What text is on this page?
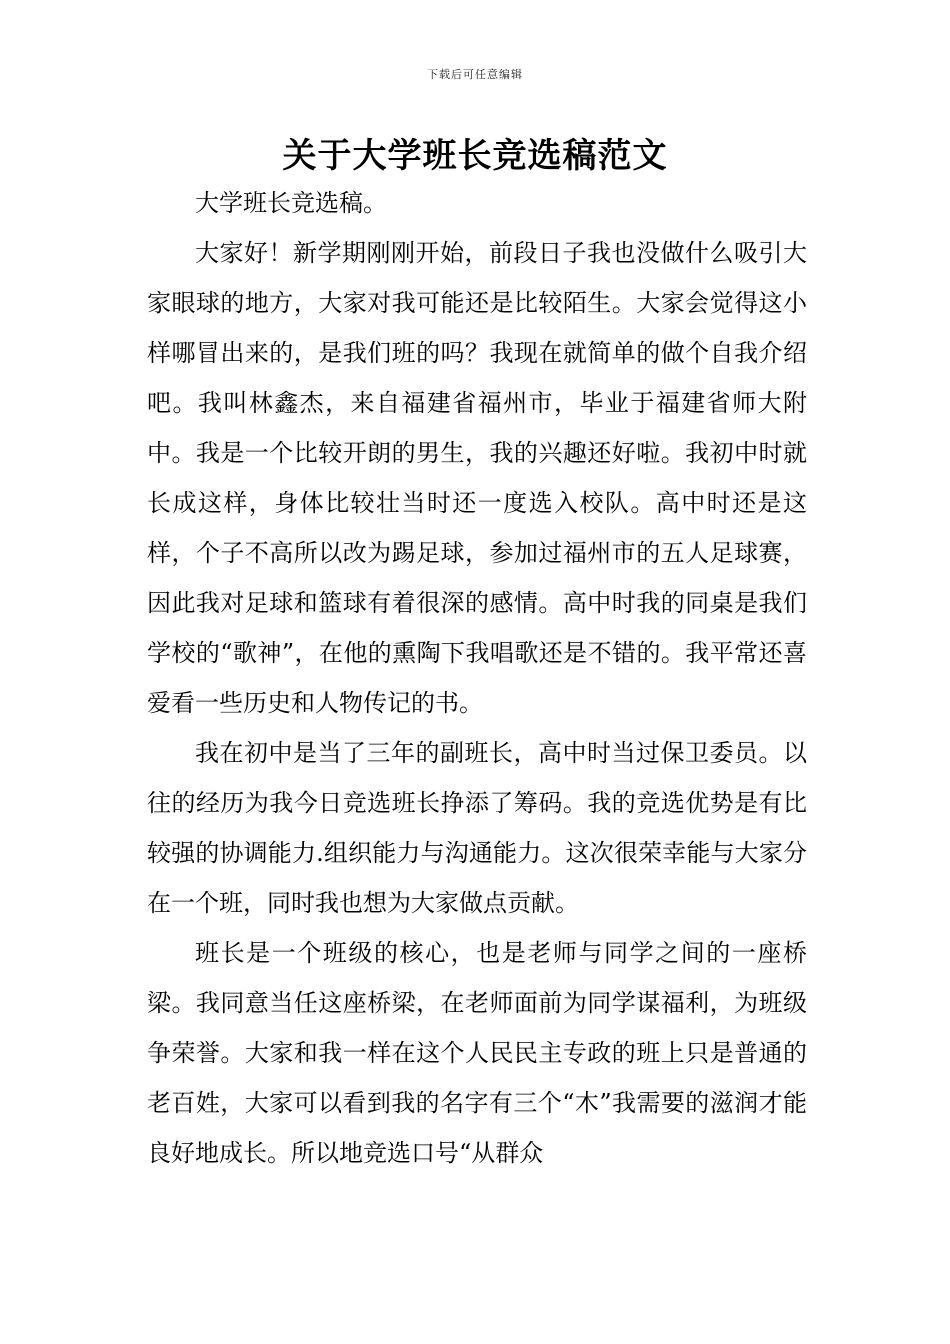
下载后可任意编辑
关于大学班长竞选稿范文

大学班长竞选稿。

大家好！新学期刚刚开始，前段日子我也没做什么吸引大家眼球的地方，大家对我可能还是比较陌生。大家会觉得这小样哪冒出来的，是我们班的吗？我现在就简单的做个自我介绍吧。我叫林鑫杰，来自福建省福州市，毕业于福建省师大附中。我是一个比较开朗的男生，我的兴趣还好啦。我初中时就长成这样，身体比较壮当时还一度选入校队。高中时还是这样，个子不高所以改为踢足球，参加过福州市的五人足球赛，因此我对足球和篮球有着很深的感情。高中时我的同桌是我们学校的“歌神”，在他的熏陶下我唱歌还是不错的。我平常还喜爱看一些历史和人物传记的书。

我在初中是当了三年的副班长，高中时当过保卫委员。以往的经历为我今日竞选班长挣添了筹码。我的竞选优势是有比较强的协调能力.组织能力与沟通能力。这次很荣幸能与大家分在一个班，同时我也想为大家做点贡献。

班长是一个班级的核心，也是老师与同学之间的一座桥梁。我同意当任这座桥梁，在老师面前为同学谋福利，为班级争荣誉。大家和我一样在这个人民民主专政的班上只是普通的老百姓，大家可以看到我的名字有三个“木”我需要的滋润才能良好地成长。所以地竞选口号“从群众
